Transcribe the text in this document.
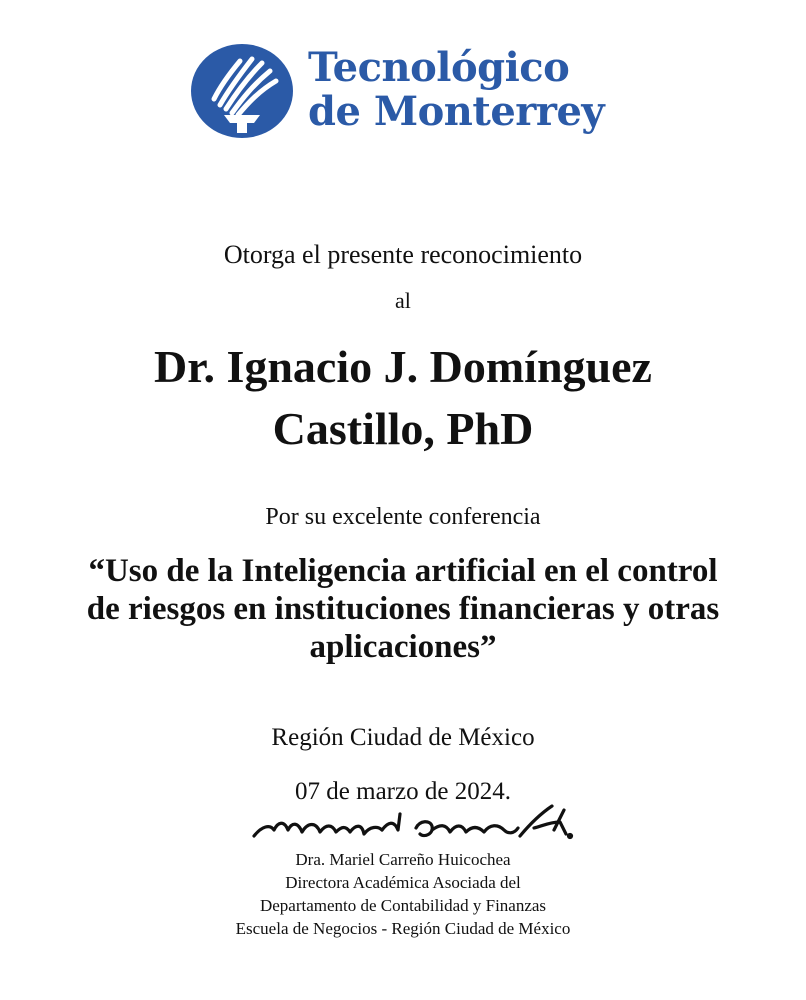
Tecnológico
de Monterrey
Otorga el presente reconocimiento
al
Dr. Ignacio J. Domínguez
Castillo, PhD
Por su excelente conferencia
“Uso de la Inteligencia artificial en el control
de riesgos en instituciones financieras y otras
aplicaciones”
Región Ciudad de México
07 de marzo de 2024.
Dra. Mariel Carreño Huicochea
Directora Académica Asociada del
Departamento de Contabilidad y Finanzas
Escuela de Negocios - Región Ciudad de México
